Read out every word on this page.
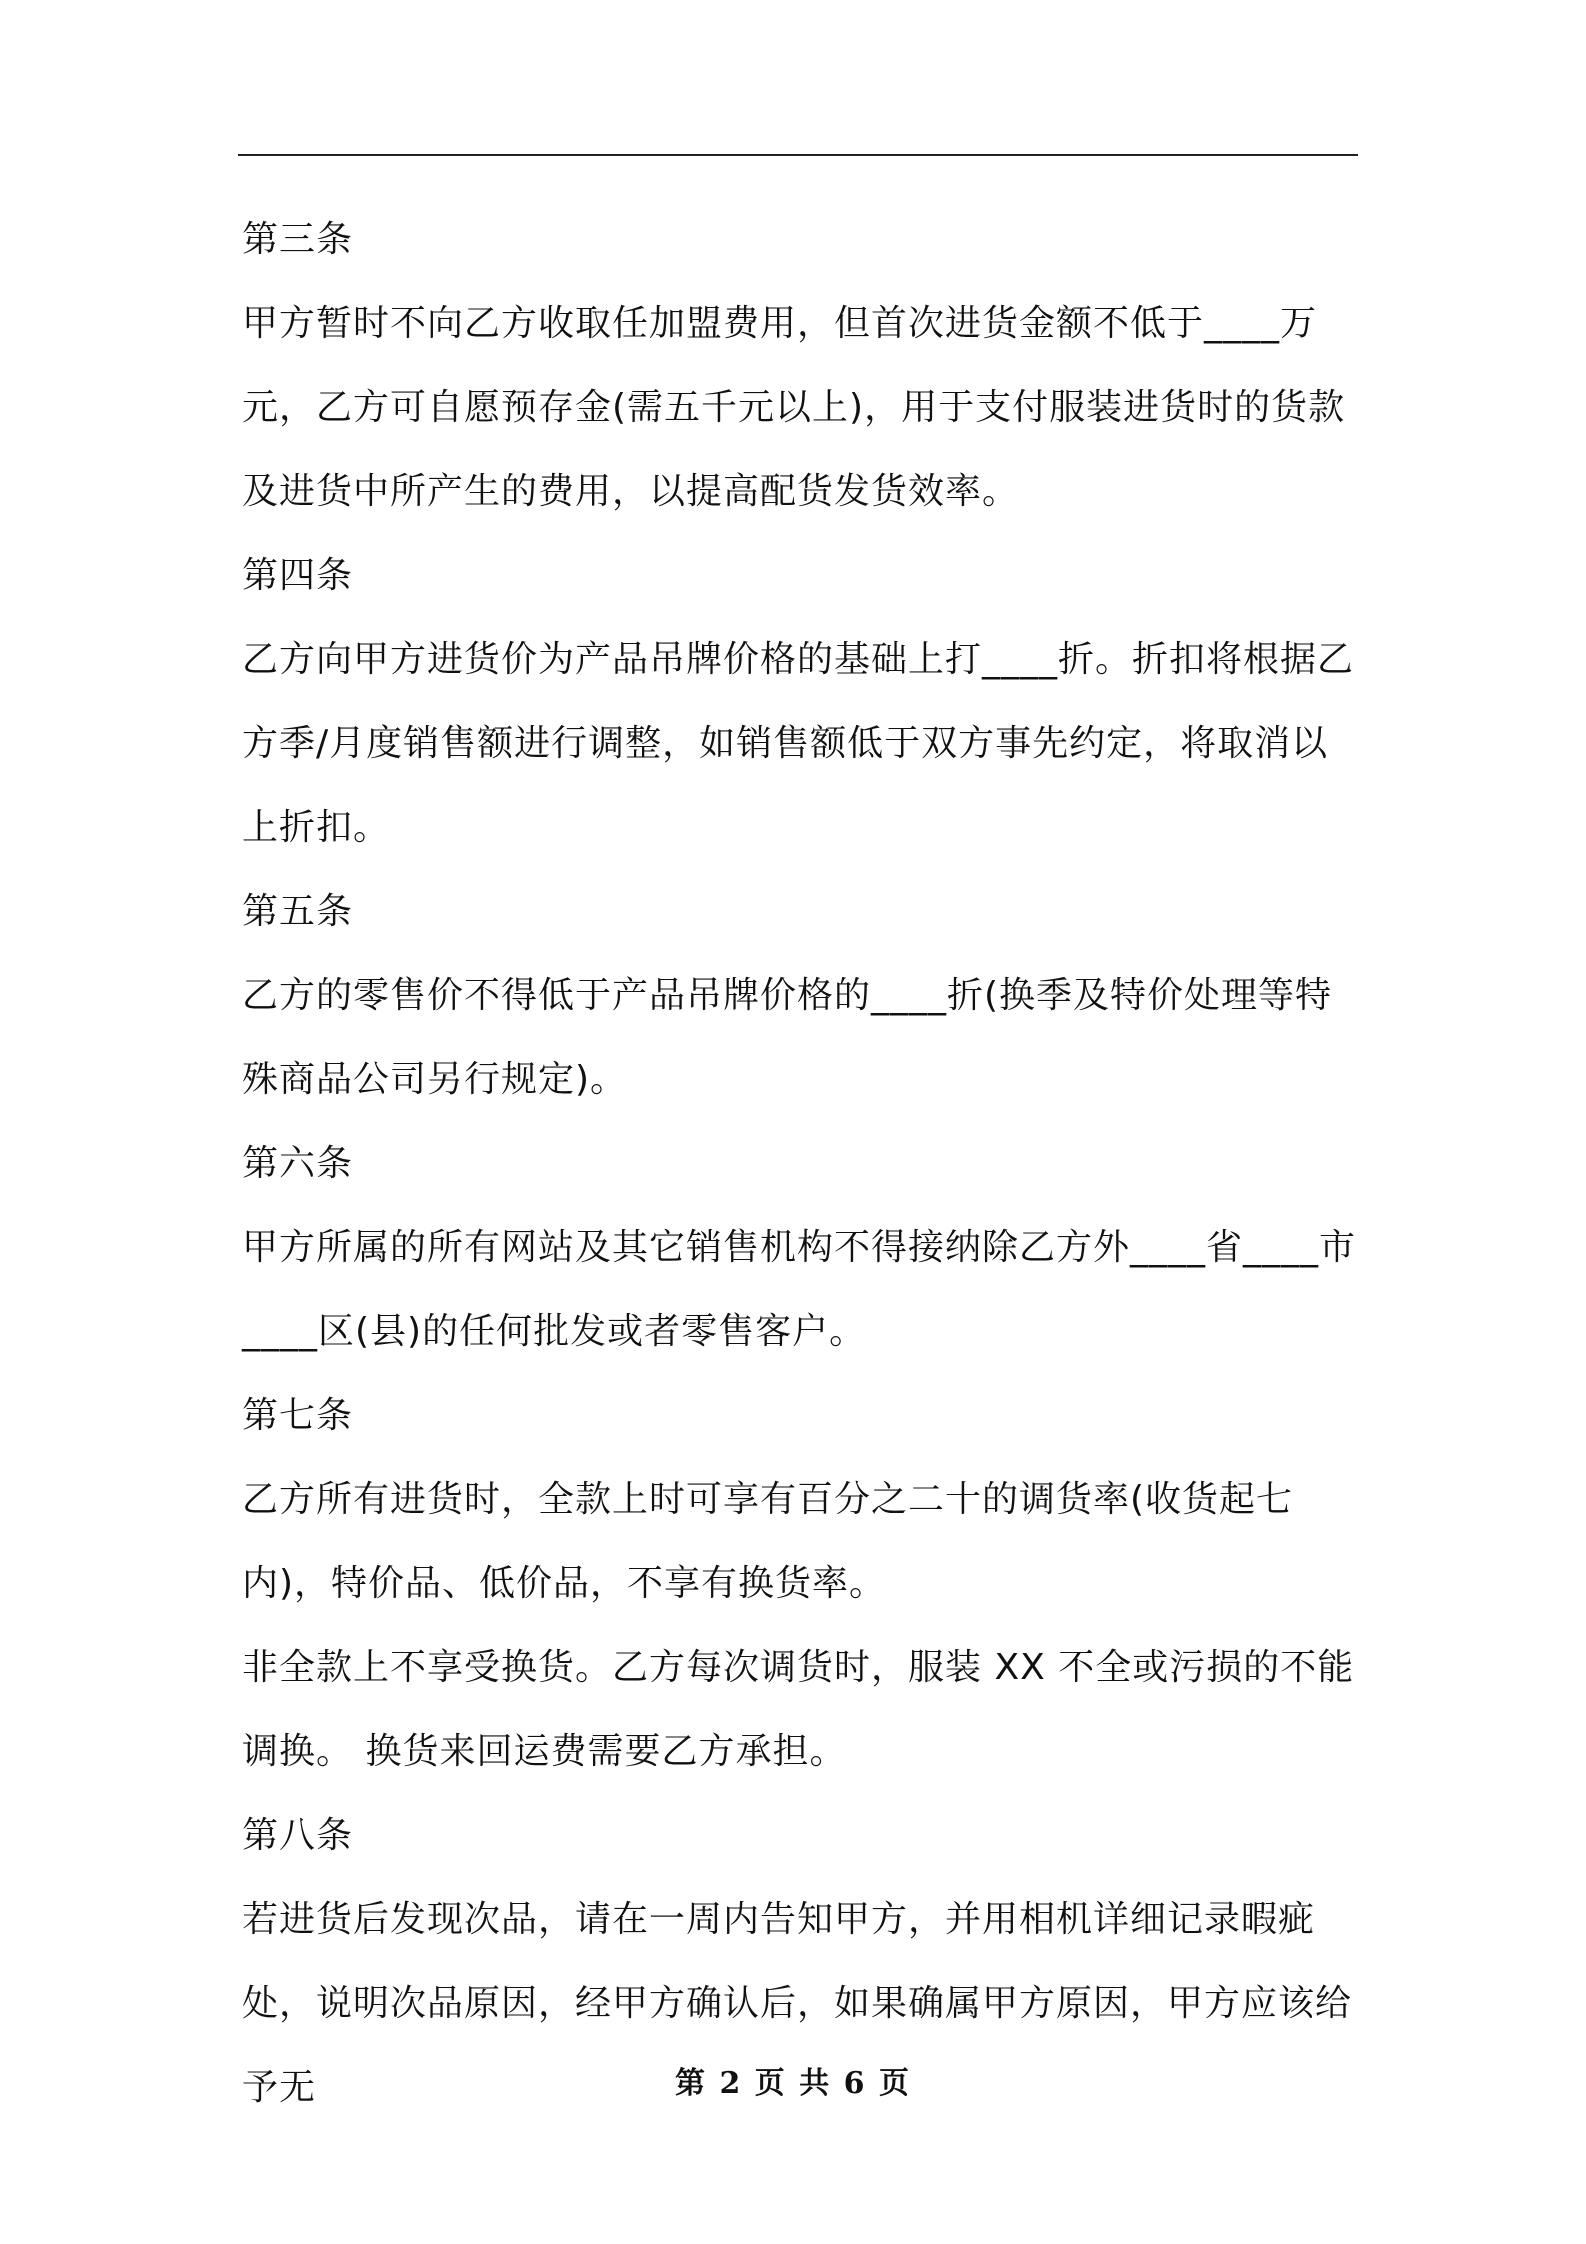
第三条
甲方暂时不向乙方收取任加盟费用，但首次进货金额不低于____万元，乙方可自愿预存金(需五千元以上)，用于支付服装进货时的货款及进货中所产生的费用，以提高配货发货效率。
第四条
乙方向甲方进货价为产品吊牌价格的基础上打____折。折扣将根据乙方季/月度销售额进行调整，如销售额低于双方事先约定，将取消以上折扣。
第五条
乙方的零售价不得低于产品吊牌价格的____折(换季及特价处理等特殊商品公司另行规定)。
第六条
甲方所属的所有网站及其它销售机构不得接纳除乙方外____省____市____区(县)的任何批发或者零售客户。
第七条
乙方所有进货时，全款上时可享有百分之二十的调货率(收货起七内)，特价品、低价品，不享有换货率。
非全款上不享受换货。乙方每次调货时，服装 XX 不全或污损的不能调换。 换货来回运费需要乙方承担。
第八条
若进货后发现次品，请在一周内告知甲方，并用相机详细记录暇疵处，说明次品原因，经甲方确认后，如果确属甲方原因，甲方应该给予无	第 2 页 共 6 页
